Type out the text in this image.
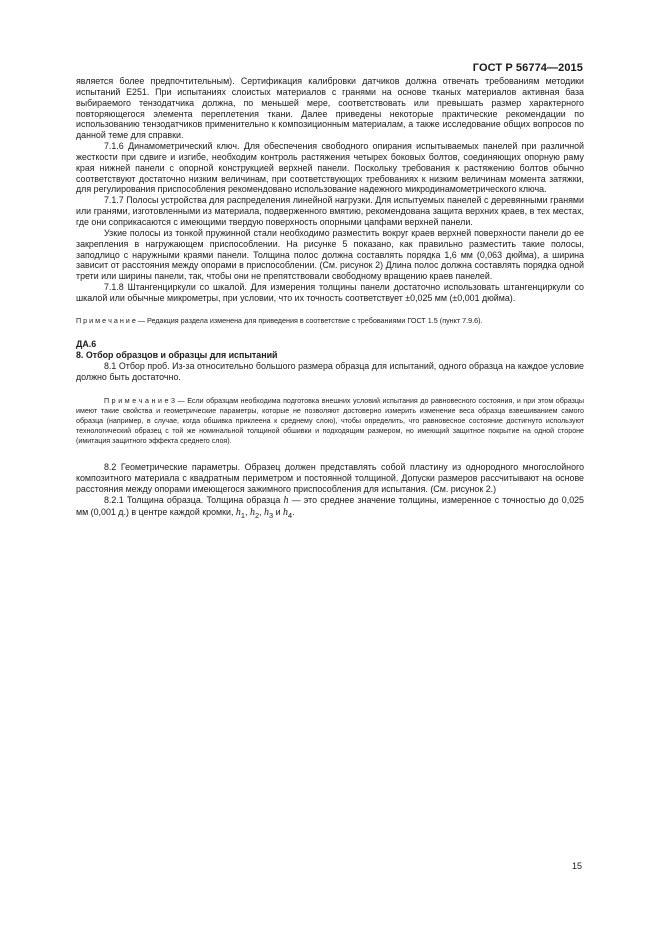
ГОСТ Р 56774—2015

является более предпочтительным). Сертификация калибровки датчиков должна отвечать требованиям методики испытаний E251. При испытаниях слоистых материалов с гранями на основе тканых материалов активная база выбираемого тензодатчика должна, по меньшей мере, соответствовать или превышать размер характерного повторяющегося элемента переплетения ткани. Далее приведены некоторые практические рекомендации по использованию тензодатчиков применительно к композиционным материалам, а также исследование общих вопросов по данной теме для справки.

7.1.6 Динамометрический ключ. Для обеспечения свободного опирания испытываемых панелей при различной жесткости при сдвиге и изгибе, необходим контроль растяжения четырех боковых болтов, соединяющих опорную раму края нижней панели с опорной конструкцией верхней панели. Поскольку требования к растяжению болтов обычно соответствуют достаточно низким величинам, при соответствующих требованиях к низким величинам момента затяжки, для регулирования приспособления рекомендовано использование надежного микродинамометрического ключа.

7.1.7 Полосы устройства для распределения линейной нагрузки. Для испытуемых панелей с деревянными гранями или гранями, изготовленными из материала, подверженного вмятию, рекомендована защита верхних краев, в тех местах, где они соприкасаются с имеющими твердую поверхность опорными цапфами верхней панели.

Узкие полосы из тонкой пружинной стали необходимо разместить вокруг краев верхней поверхности панели до ее закрепления в нагружающем приспособлении. На рисунке 5 показано, как правильно разместить такие полосы, заподлицо с наружными краями панели. Толщина полос должна составлять порядка 1,6 мм (0,063 дюйма), а ширина зависит от расстояния между опорами в приспособлении. (См. рисунок 2) Длина полос должна составлять порядка одной трети или ширины панели, так, чтобы они не препятствовали свободному вращению краев панелей.

7.1.8 Штангенциркули со шкалой. Для измерения толщины панели достаточно использовать штангенциркули со шкалой или обычные микрометры, при условии, что их точность соответствует ±0,025 мм (±0,001 дюйма).

П р и м е ч а н и е — Редакция раздела изменена для приведения в соответствие с требованиями ГОСТ 1.5 (пункт 7.9.6).

ДА.6

8. Отбор образцов и образцы для испытаний

8.1 Отбор проб. Из-за относительно большого размера образца для испытаний, одного образца на каждое условие должно быть достаточно.

П р и м е ч а н и е 3 — Если образцам необходима подготовка внешних условий испытания до равновесного состояния, и при этом образцы имеют такие свойства и геометрические параметры, которые не позволяют достоверно измерить изменение веса образца взвешиванием самого образца (например, в случае, когда обшивка приклеена к среднему слою), чтобы определить, что равновесное состояние достигнуто используют технологический образец с той же номинальной толщиной обшивки и подходящим размером, но имеющий защитное покрытие на одной стороне (имитация защитного эффекта среднего слоя).

8.2 Геометрические параметры. Образец должен представлять собой пластину из однородного многослойного композитного материала с квадратным периметром и постоянной толщиной. Допуски размеров рассчитывают на основе расстояния между опорами имеющегося зажимного приспособления для испытания. (См. рисунок 2.)

8.2.1 Толщина образца. Толщина образца h — это среднее значение толщины, измеренное с точностью до 0,025 мм (0,001 д.) в центре каждой кромки, $h_1$, $h_2$, $h_3$ и $h_4$.

15
